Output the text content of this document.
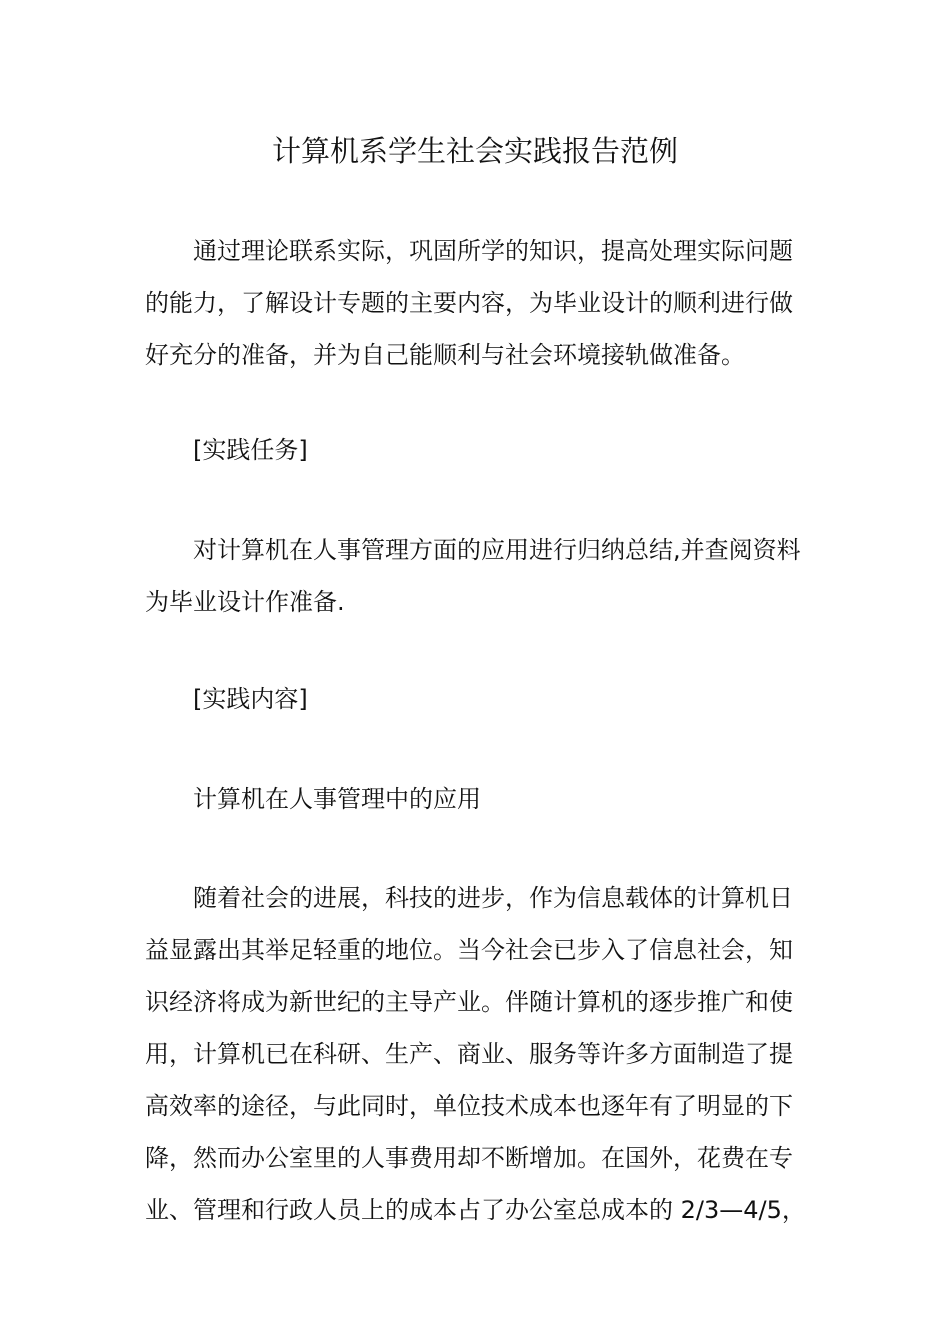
计算机系学生社会实践报告范例
通过理论联系实际，巩固所学的知识，提高处理实际问题
的能力，了解设计专题的主要内容，为毕业设计的顺利进行做
好充分的准备，并为自己能顺利与社会环境接轨做准备。
[实践任务]
对计算机在人事管理方面的应用进行归纳总结,并查阅资料
为毕业设计作准备.
[实践内容]
计算机在人事管理中的应用
随着社会的进展，科技的进步，作为信息载体的计算机日
益显露出其举足轻重的地位。当今社会已步入了信息社会，知
识经济将成为新世纪的主导产业。伴随计算机的逐步推广和使
用，计算机已在科研、生产、商业、服务等许多方面制造了提
高效率的途径，与此同时，单位技术成本也逐年有了明显的下
降，然而办公室里的人事费用却不断增加。在国外，花费在专
业、管理和行政人员上的成本占了办公室总成本的 2/3—4/5，
